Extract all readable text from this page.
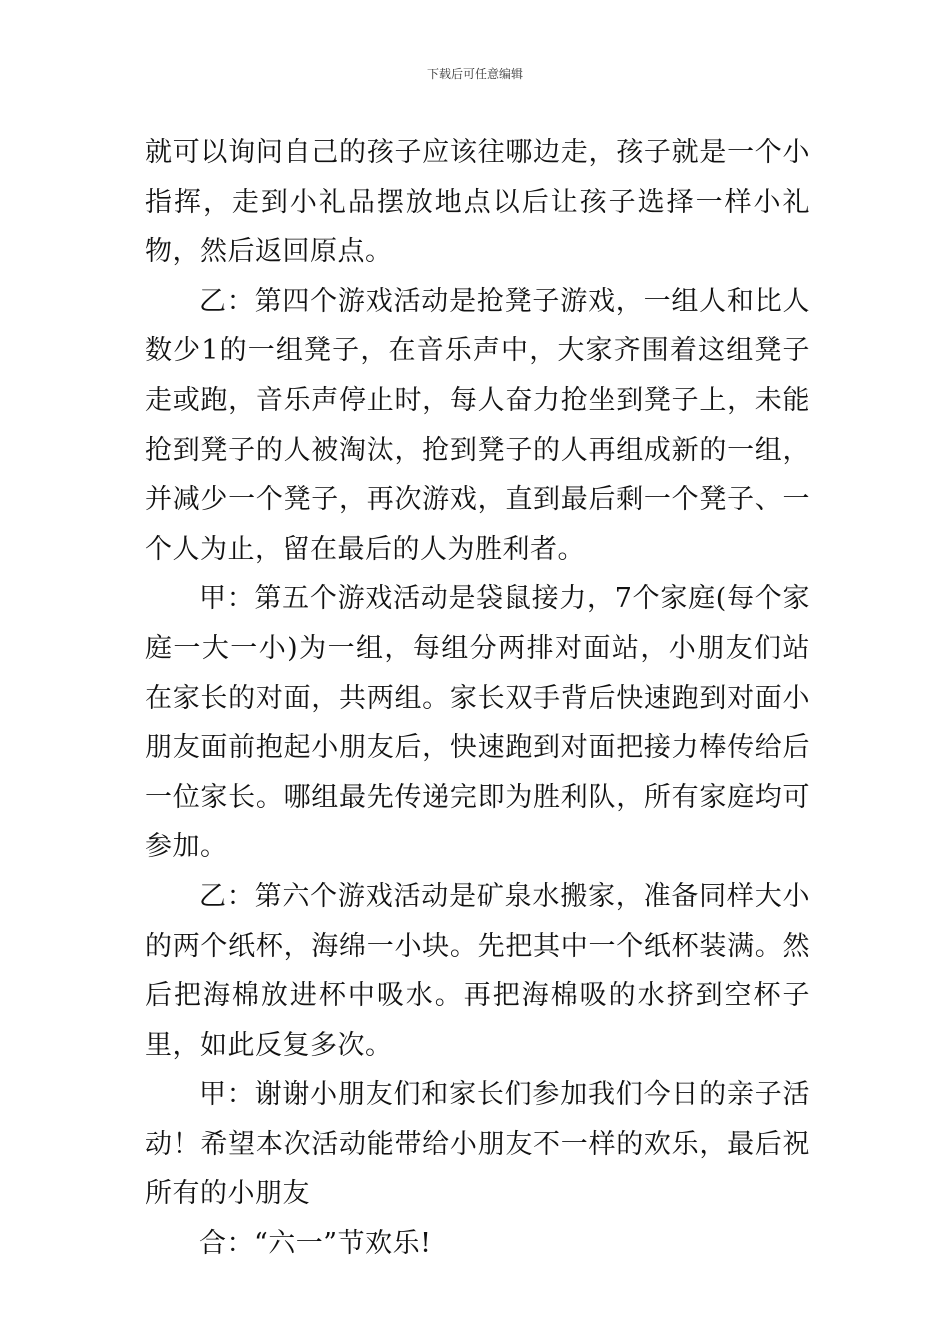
下载后可任意编辑

就可以询问自己的孩子应该往哪边走，孩子就是一个小指挥，走到小礼品摆放地点以后让孩子选择一样小礼物，然后返回原点。

乙：第四个游戏活动是抢凳子游戏，一组人和比人数少1的一组凳子，在音乐声中，大家齐围着这组凳子走或跑，音乐声停止时，每人奋力抢坐到凳子上，未能抢到凳子的人被淘汰，抢到凳子的人再组成新的一组，并减少一个凳子，再次游戏，直到最后剩一个凳子、一个人为止，留在最后的人为胜利者。

甲：第五个游戏活动是袋鼠接力，7个家庭(每个家庭一大一小)为一组，每组分两排对面站，小朋友们站在家长的对面，共两组。家长双手背后快速跑到对面小朋友面前抱起小朋友后，快速跑到对面把接力棒传给后一位家长。哪组最先传递完即为胜利队，所有家庭均可参加。

乙：第六个游戏活动是矿泉水搬家，准备同样大小的两个纸杯，海绵一小块。先把其中一个纸杯装满。然后把海棉放进杯中吸水。再把海棉吸的水挤到空杯子里，如此反复多次。

甲：谢谢小朋友们和家长们参加我们今日的亲子活动！希望本次活动能带给小朋友不一样的欢乐，最后祝所有的小朋友

合：“六一”节欢乐!
